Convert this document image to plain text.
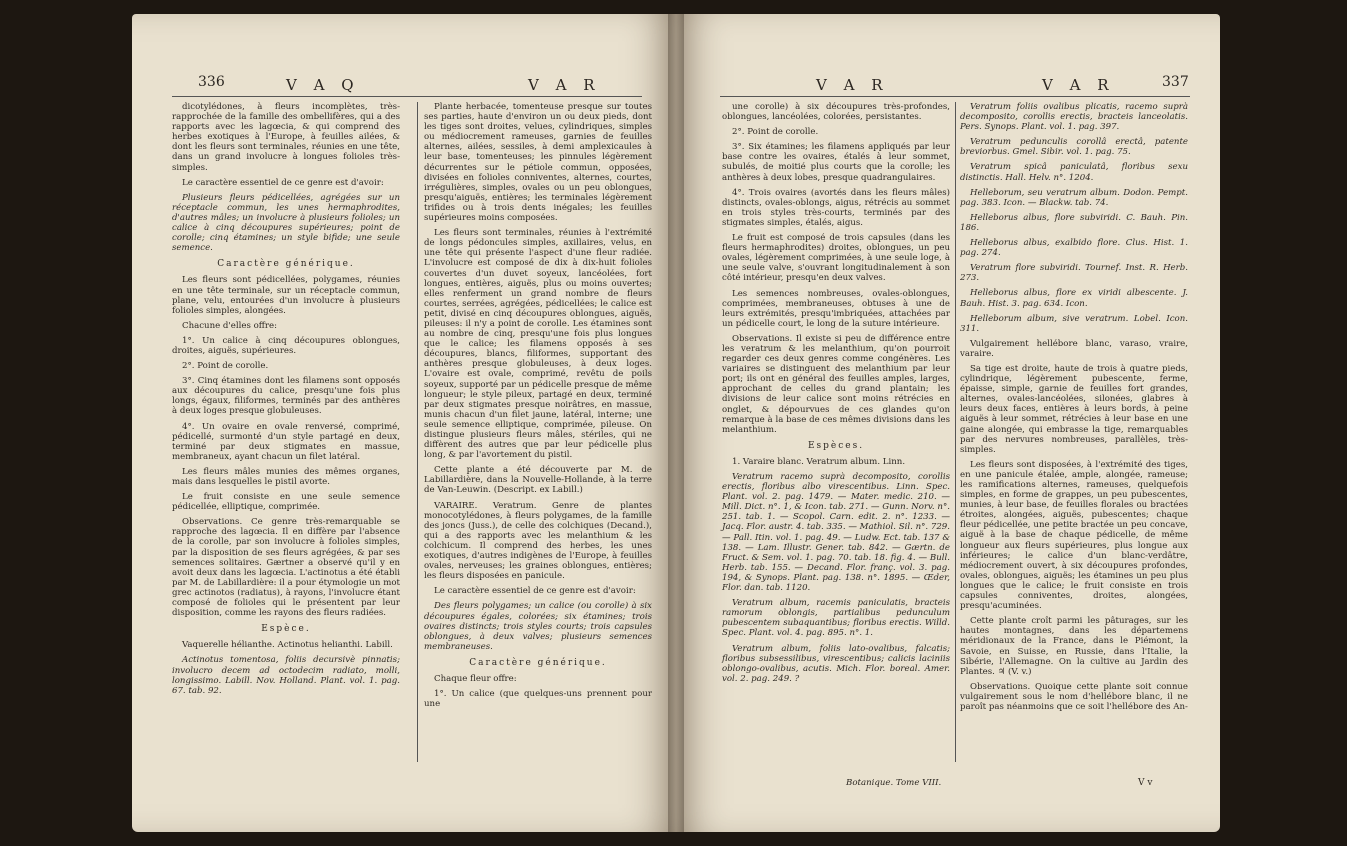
336	V A Q	V A R

dicotylédones, à fleurs incomplètes, très-rapprochée de la famille des ombellifères, qui a des rapports avec les lagœcia, & qui comprend des herbes exotiques à l'Europe, à feuilles ailées, & dont les fleurs sont terminales, réunies en une tête, dans un grand involucre à longues folioles très-simples.

Le caractère essentiel de ce genre est d'avoir:

Plusieurs fleurs pédicellées, agrégées sur un réceptacle commun, les unes hermaphrodites, d'autres mâles; un involucre à plusieurs folioles; un calice à cinq découpures supérieures; point de corolle; cinq étamines; un style bifide; une seule semence.

Caractère générique.

Les fleurs sont pédicellées, polygames, réunies en une tête terminale, sur un réceptacle commun, plane, velu, entourées d'un involucre à plusieurs folioles simples, alongées.

Chacune d'elles offre:

1°. Un calice à cinq découpures oblongues, droites, aiguës, supérieures.

2°. Point de corolle.

3°. Cinq étamines dont les filamens sont opposés aux découpures du calice, presqu'une fois plus longs, égaux, filiformes, terminés par des anthères à deux loges presque globuleuses.

4°. Un ovaire en ovale renversé, comprimé, pédicellé, surmonté d'un style partagé en deux, terminé par deux stigmates en massue, membraneux, ayant chacun un filet latéral.

Les fleurs mâles munies des mêmes organes, mais dans lesquelles le pistil avorte.

Le fruit consiste en une seule semence pédicellée, elliptique, comprimée.

Observations. Ce genre très-remarquable se rapproche des lagœcia. Il en diffère par l'absence de la corolle, par son involucre à folioles simples, par la disposition de ses fleurs agrégées, & par ses semences solitaires. Gærtner a observé qu'il y en avoit deux dans les lagœcia. L'actinotus a été établi par M. de Labillardière: il a pour étymologie un mot grec actinotos (radiatus), à rayons, l'involucre étant composé de folioles qui le présentent par leur disposition, comme les rayons des fleurs radiées.

Espèce.

Vaquerelle hélianthe. Actinotus helianthi. Labill.

Actinotus tomentosa, foliis decursivè pinnatis; involucro decem ad octodecim radiato, molli, longissimo. Labill. Nov. Holland. Plant. vol. 1. pag. 67. tab. 92.

Plante herbacée, tomenteuse presque sur toutes ses parties, haute d'environ un ou deux pieds, dont les tiges sont droites, velues, cylindriques, simples ou médiocrement rameuses, garnies de feuilles alternes, ailées, sessiles, à demi amplexicaules à leur base, tomenteuses; les pinnules légèrement décurrentes sur le pétiole commun, opposées, divisées en folioles conniventes, alternes, courtes, irrégulières, simples, ovales ou un peu oblongues, presqu'aiguës, entières; les terminales légèrement trifides ou à trois dents inégales; les feuilles supérieures moins composées.

Les fleurs sont terminales, réunies à l'extrémité de longs pédoncules simples, axillaires, velus, en une tête qui présente l'aspect d'une fleur radiée. L'involucre est composé de dix à dix-huit folioles couvertes d'un duvet soyeux, lancéolées, fort longues, entières, aiguës, plus ou moins ouvertes; elles renferment un grand nombre de fleurs courtes, serrées, agrégées, pédicellées; le calice est petit, divisé en cinq découpures oblongues, aiguës, pileuses: il n'y a point de corolle. Les étamines sont au nombre de cinq, presqu'une fois plus longues que le calice; les filamens opposés à ses découpures, blancs, filiformes, supportant des anthères presque globuleuses, à deux loges. L'ovaire est ovale, comprimé, revêtu de poils soyeux, supporté par un pédicelle presque de même longueur; le style pileux, partagé en deux, terminé par deux stigmates presque noirâtres, en massue, munis chacun d'un filet jaune, latéral, interne; une seule semence elliptique, comprimée, pileuse. On distingue plusieurs fleurs mâles, stériles, qui ne diffèrent des autres que par leur pédicelle plus long, & par l'avortement du pistil.

Cette plante a été découverte par M. de Labillardière, dans la Nouvelle-Hollande, à la terre de Van-Leuwin. (Descript. ex Labill.)

VARAIRE. Veratrum. Genre de plantes monocotylédones, à fleurs polygames, de la famille des joncs (Juss.), de celle des colchiques (Decand.), qui a des rapports avec les melanthium & les colchicum. Il comprend des herbes, les unes exotiques, d'autres indigènes de l'Europe, à feuilles ovales, nerveuses; les graines oblongues, entières; les fleurs disposées en panicule.

Le caractère essentiel de ce genre est d'avoir:

Des fleurs polygames; un calice (ou corolle) à six découpures égales, colorées; six étamines; trois ovaires distincts; trois styles courts; trois capsules oblongues, à deux valves; plusieurs semences membraneuses.

Caractère générique.

Chaque fleur offre:

1°. Un calice (que quelques-uns prennent pour une

V A R	V A R	337

une corolle) à six découpures très-profondes, oblongues, lancéolées, colorées, persistantes.

2°. Point de corolle.

3°. Six étamines; les filamens appliqués par leur base contre les ovaires, étalés à leur sommet, subulés, de moitié plus courts que la corolle; les anthères à deux lobes, presque quadrangulaires.

4°. Trois ovaires (avortés dans les fleurs mâles) distincts, ovales-oblongs, aigus, rétrécis au sommet en trois styles très-courts, terminés par des stigmates simples, étalés, aigus.

Le fruit est composé de trois capsules (dans les fleurs hermaphrodites) droites, oblongues, un peu ovales, légèrement comprimées, à une seule loge, à une seule valve, s'ouvrant longitudinalement à son côté intérieur, presqu'en deux valves.

Les semences nombreuses, ovales-oblongues, comprimées, membraneuses, obtuses à une de leurs extrémités, presqu'imbriquées, attachées par un pédicelle court, le long de la suture intérieure.

Observations. Il existe si peu de différence entre les veratrum & les melanthium, qu'on pourroit regarder ces deux genres comme congénères. Les variaires se distinguent des melanthium par leur port; ils ont en général des feuilles amples, larges, approchant de celles du grand plantain; les divisions de leur calice sont moins rétrécies en onglet, & dépourvues de ces glandes qu'on remarque à la base de ces mêmes divisions dans les melanthium.

Espèces.

1. Varaire blanc. Veratrum album. Linn.

Veratrum racemo suprà decomposito, corollis erectis, floribus albo virescentibus. Linn. Spec. Plant. vol. 2. pag. 1479. — Mater. medic. 210. — Mill. Dict. n°. 1, & Icon. tab. 271. — Gunn. Norv. n°. 251. tab. 1. — Scopol. Carn. edit. 2. n°. 1233. — Jacq. Flor. austr. 4. tab. 335. — Mathiol. Sil. n°. 729. — Pall. Itin. vol. 1. pag. 49. — Ludw. Ect. tab. 137 & 138. — Lam. Illustr. Gener. tab. 842. — Gærtn. de Fruct. & Sem. vol. 1. pag. 70. tab. 18. fig. 4. — Bull. Herb. tab. 155. — Decand. Flor. franç. vol. 3. pag. 194, & Synops. Plant. pag. 138. n°. 1895. — Œder, Flor. dan. tab. 1120.

Veratrum album, racemis paniculatis, bracteis ramorum oblongis, partialibus pedunculum pubescentem subaquantibus; floribus erectis. Willd. Spec. Plant. vol. 4. pag. 895. n°. 1.

Veratrum album, foliis lato-ovalibus, falcatis; floribus subsessilibus, virescentibus; calicis laciniis oblongo-ovalibus, acutis. Mich. Flor. boreal. Amer. vol. 2. pag. 249. ?

Veratrum foliis ovalibus plicatis, racemo suprà decomposito, corollis erectis, bracteis lanceolatis. Pers. Synops. Plant. vol. 1. pag. 397.

Veratrum pedunculis corollâ erectâ, patente breviorbus. Gmel. Sibir. vol. 1. pag. 75.

Veratrum spicâ paniculatâ, floribus sexu distinctis. Hall. Helv. n°. 1204.

Helleborum, seu veratrum album. Dodon. Pempt. pag. 383. Icon. — Blackw. tab. 74.

Helleborus albus, flore subviridi. C. Bauh. Pin. 186.

Helleborus albus, exalbido flore. Clus. Hist. 1. pag. 274.

Veratrum flore subviridi. Tournef. Inst. R. Herb. 273.

Helleborus albus, flore ex viridi albescente. J. Bauh. Hist. 3. pag. 634. Icon.

Helleborum album, sive veratrum. Lobel. Icon. 311.

Vulgairement hellébore blanc, varaso, vraire, varaire.

Sa tige est droite, haute de trois à quatre pieds, cylindrique, légèrement pubescente, ferme, épaisse, simple, garnie de feuilles fort grandes, alternes, ovales-lancéolées, silonées, glabres à leurs deux faces, entières à leurs bords, à peine aiguës à leur sommet, rétrécies à leur base en une gaine alongée, qui embrasse la tige, remarquables par des nervures nombreuses, parallèles, très-simples.

Les fleurs sont disposées, à l'extrémité des tiges, en une panicule étalée, ample, alongée, rameuse; les ramifications alternes, rameuses, quelquefois simples, en forme de grappes, un peu pubescentes, munies, à leur base, de feuilles florales ou bractées étroites, alongées, aiguës, pubescentes; chaque fleur pédicellée, une petite bractée un peu concave, aiguë à la base de chaque pédicelle, de même longueur aux fleurs supérieures, plus longue aux inférieures; le calice d'un blanc-verdâtre, médiocrement ouvert, à six découpures profondes, ovales, oblongues, aiguës; les étamines un peu plus longues que le calice; le fruit consiste en trois capsules conniventes, droites, alongées, presqu'acuminées.

Cette plante croît parmi les pâturages, sur les hautes montagnes, dans les départemens méridionaux de la France, dans le Piémont, la Savoie, en Suisse, en Russie, dans l'Italie, la Sibérie, l'Allemagne. On la cultive au Jardin des Plantes. ♃ (V. v.)

Observations. Quoique cette plante soit connue vulgairement sous le nom d'hellébore blanc, il ne paroît pas néanmoins que ce soit l'hellébore des An-

Botanique. Tome VIII.	V v
